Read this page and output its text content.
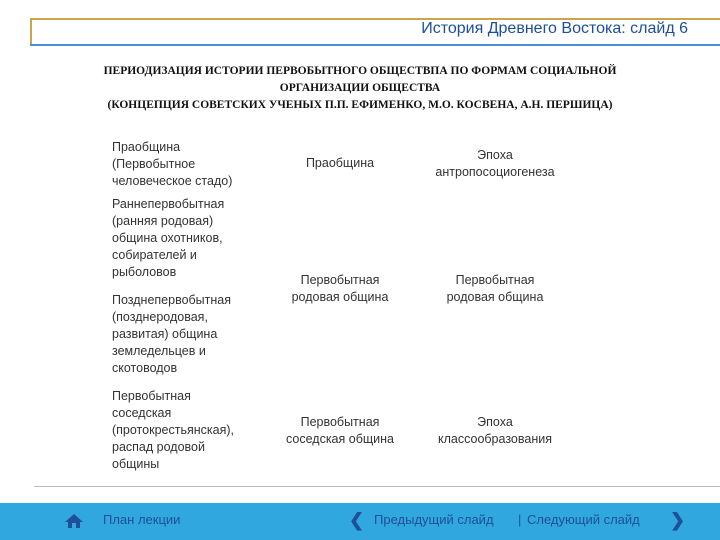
История Древнего Востока: слайд 6
ПЕРИОДИЗАЦИЯ ИСТОРИИ ПЕРВОБЫТНОГО ОБЩЕСТВПА ПО ФОРМАМ СОЦИАЛЬНОЙ
ОРГАНИЗАЦИИ ОБЩЕСТВА
(КОНЦЕПЦИЯ СОВЕТСКИХ УЧЕНЫХ П.П. ЕФИМЕНКО, М.О. КОСВЕНА, А.Н. ПЕРШИЦА)
Праобщина
(Первобытное
человеческое стадо)
Раннепервобытная
(ранняя родовая)
община охотников,
собирателей и
рыболовов
Позднепервобытная
(позднеродовая,
развитая) община
земледельцев и
скотоводов
Первобытная
соседская
(протокрестьянская),
распад родовой
общины
Праобщина
Первобытная
родовая община
Первобытная
соседская община
Эпоха
антропосоциогенеза
Первобытная
родовая община
Эпоха
классообразования
План лекции	❮ Предыдущий слайд | Следующий слайд ❯
